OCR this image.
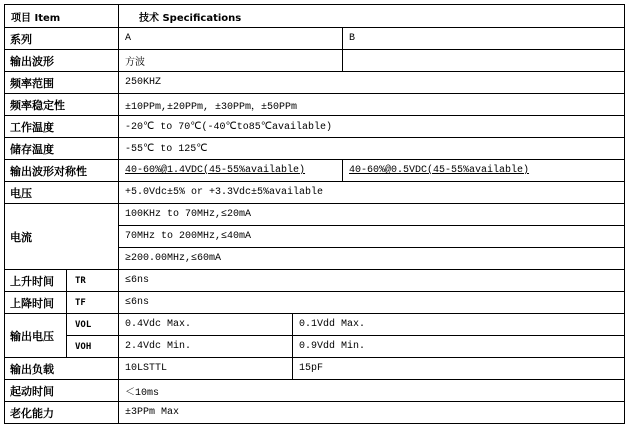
项目 Item		技术 Specifications		
系列		A		B
输出波形		方波		
频率范围		250KHZ		
频率稳定性		±10PPm,±20PPm, ±30PPm，±50PPm		
工作温度		-20℃ to 70℃(-40℃to85℃available)		
储存温度		-55℃ to 125℃		
输出波形对称性		40-60%@1.4VDC(45-55%available)		40-60%@0.5VDC(45-55%available)
电压		+5.0Vdc±5% or +3.3Vdc±5%available		
电流		100KHz to 70MHz,≤20mA		
		70MHz to 200MHz,≤40mA		
		≥200.00MHz,≤60mA		
上升时间	TR	≤6ns		
上降时间	TF	≤6ns		
输出电压	VOL	0.4Vdc Max.	0.1Vdd Max.	
	VOH	2.4Vdc Min.	0.9Vdd Min.	
输出负载		10LSTTL	15pF	
起动时间		＜10ms		
老化能力		±3PPm Max		
